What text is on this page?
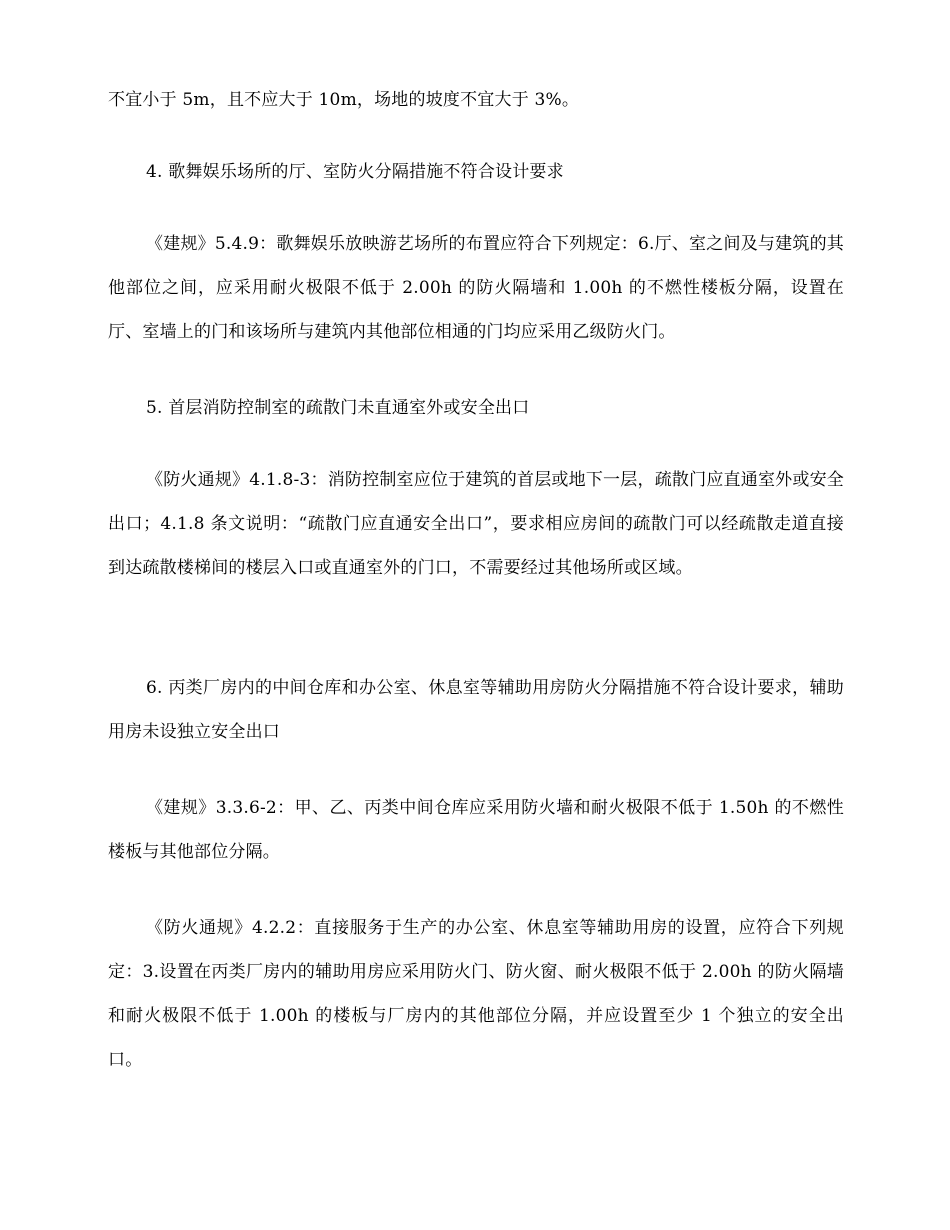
不宜小于 5m，且不应大于 10m，场地的坡度不宜大于 3%。

4. 歌舞娱乐场所的厅、室防火分隔措施不符合设计要求

《建规》5.4.9：歌舞娱乐放映游艺场所的布置应符合下列规定：6.厅、室之间及与建筑的其他部位之间，应采用耐火极限不低于 2.00h 的防火隔墙和 1.00h 的不燃性楼板分隔，设置在厅、室墙上的门和该场所与建筑内其他部位相通的门均应采用乙级防火门。

5. 首层消防控制室的疏散门未直通室外或安全出口

《防火通规》4.1.8-3：消防控制室应位于建筑的首层或地下一层，疏散门应直通室外或安全出口；4.1.8 条文说明：“疏散门应直通安全出口”，要求相应房间的疏散门可以经疏散走道直接到达疏散楼梯间的楼层入口或直通室外的门口，不需要经过其他场所或区域。

6. 丙类厂房内的中间仓库和办公室、休息室等辅助用房防火分隔措施不符合设计要求，辅助用房未设独立安全出口

《建规》3.3.6-2：甲、乙、丙类中间仓库应采用防火墙和耐火极限不低于 1.50h 的不燃性楼板与其他部位分隔。

《防火通规》4.2.2：直接服务于生产的办公室、休息室等辅助用房的设置，应符合下列规定：3.设置在丙类厂房内的辅助用房应采用防火门、防火窗、耐火极限不低于 2.00h 的防火隔墙和耐火极限不低于 1.00h 的楼板与厂房内的其他部位分隔，并应设置至少 1 个独立的安全出口。
